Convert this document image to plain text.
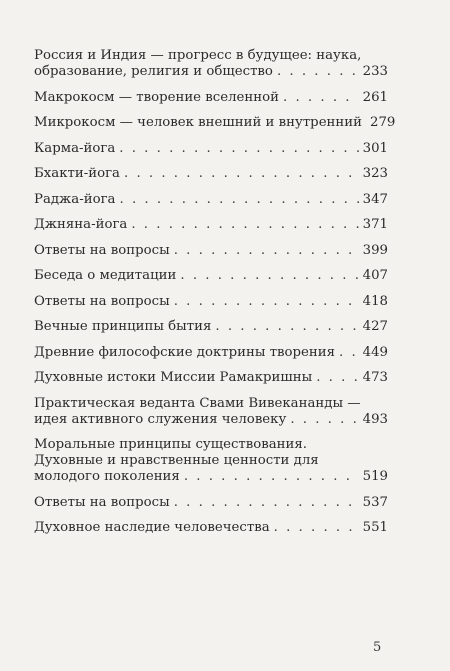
Россия и Индия — прогресс в будущее: наука,
образование, религия и общество . . .	233
Макрокосм — творение вселенной . . .	261
Микрокосм — человек внешний и внутренний 279
Карма-йога . . .	301
Бхакти-йога . . .	323
Раджа-йога . . .	347
Джняна-йога . . .	371
Ответы на вопросы . . .	399
Беседа о медитации . . .	407
Ответы на вопросы . . .	418
Вечные принципы бытия . . .	427
Древние философские доктрины творения . . . 449
Духовные истоки Миссии Рамакришны . . .	473
Практическая веданта Свами Вивекананды —
идея активного служения человеку . . .	493
Моральные принципы существования.
Духовные и нравственные ценности для
молодого поколения . . .	519
Ответы на вопросы . . .	537
Духовное наследие человечества . . .	551
5
